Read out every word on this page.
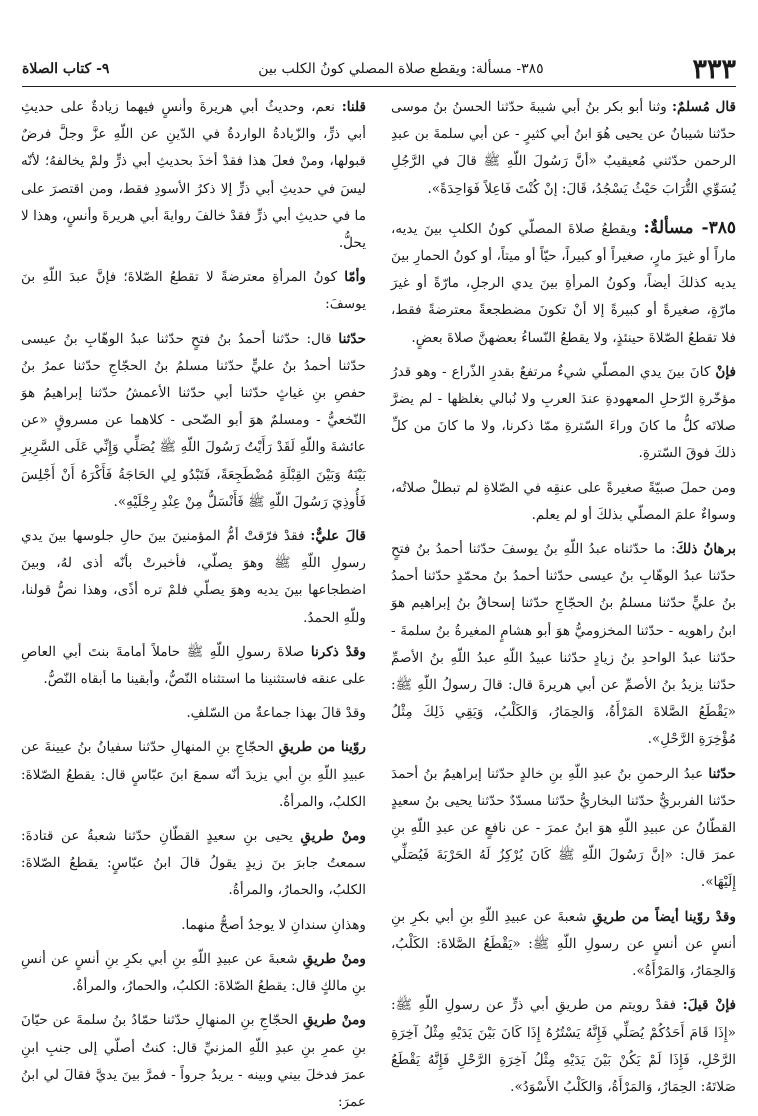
٣٣٣
٣٨٥- مسألة: ويقطع صلاة المصلي كونُ الكلب بين
٩- كتاب الصلاة

قال مُسلمٌ: وثنا أبو بكر بنُ أبي شيبةَ حدّثنا الحسنُ بنُ موسى حدّثنا شيبانُ عن يحيى هُوَ ابنُ أبي كثيرٍ - عن أبي سلمةَ بن عبدِ الرحمن حدّثني مُعيقيبٌ «أنَّ رَسُولَ اللّهِ ﷺ قالَ في الرَّجُلِ يُسَوِّي التُّرَابَ حَيْثُ يَسْجُدُ، قَالَ: إنْ كُنْتَ فَاعِلاً فَوَاحِدَةً».

٣٨٥- مسألةٌ: ويقطعُ صلاةَ المصلّي كونُ الكلبِ بينَ يديه، ماراً أو غيرَ مارٍ، صغيراً أو كبيراً، حيّاً أو ميتاً، أو كونُ الحمارِ بينَ يديه كذلكَ أيضاً، وكونُ المرأةِ بينَ يدي الرجلِ، مارّةً أو غيرَ مارّةٍ، صغيرةً أو كبيرةً إلا أنْ تكونَ مضطجعةً معترضةً فقط، فلا تقطعُ الصّلاةَ حينئذٍ، ولا يقطعُ النّساءُ بعضهنَّ صلاةَ بعضٍ.

فإنْ كانَ بينَ يدي المصلّي شيءٌ مرتفعٌ بقدرِ الذّراع - وهو قدرُ مؤخّرةِ الرّحلِ المعهودةِ عندَ العربِ ولا نُبالي بغلظها - لم يضرَّ صلاتَه كلُّ ما كانَ وراءَ السّترةِ ممّا ذكرنا، ولا ما كانَ من كلِّ ذلكَ فوقَ السّترةِ.

ومن حملَ صبيّةً صغيرةً على عنقِه في الصّلاةِ لم تبطلْ صلاتُه، وسواءٌ علمَ المصلّي بذلكَ أو لم يعلم.

برهانُ ذلكَ: ما حدّثناه عبدُ اللّهِ بنُ يوسفَ حدّثنا أحمدُ بنُ فتحٍ حدّثنا عبدُ الوهّابِ بنُ عيسى حدّثنا أحمدُ بنُ محمّدٍ حدّثنا أحمدُ بنُ عليٍّ حدّثنا مسلمُ بنُ الحجّاجِ حدّثنا إسحاقُ بنُ إبراهيم هوَ ابنُ راهويه - حدّثنا المخزوميُّ هوَ أبو هشامٍ المغيرةُ بنُ سلمةَ - حدّثنا عبدُ الواحدِ بنُ زيادٍ حدّثنا عبيدُ اللّهِ عبدُ اللّهِ بنُ الأصمِّ حدّثنا يزيدُ بنُ الأصمِّ عن أبي هريرةَ قال: قالَ رسولُ اللّهِ ﷺ: «يَقْطَعُ الصَّلاةَ المَرْأَةُ، وَالحِمَارُ، وَالكَلْبُ، وَيَقِي ذَلِكَ مِثْلُ مُؤْخِرَةِ الرَّحْلِ».

حدّثنا عبدُ الرحمنِ بنُ عبدِ اللّهِ بنِ خالدٍ حدّثنا إبراهيمُ بنُ أحمدَ حدّثنا الفربريُّ حدّثنا البخاريُّ حدّثنا مسدّدٌ حدّثنا يحيى بنُ سعيدٍ القطّانُ عن عبيدِ اللّهِ هوَ ابنُ عمرَ - عن نافعٍ عن عبدِ اللّهِ بنِ عمرَ قال: «إنَّ رَسُولَ اللّهِ ﷺ كَانَ يُرْكِزُ لَهُ الحَرْبَةَ فَيُصَلِّي إِلَيْهَا».

وقدْ روّينا أيضاً من طريقِ شعبةَ عن عبيدِ اللّهِ بنِ أبي بكرِ بنِ أنسٍ عن أنسٍ عن رسولِ اللّهِ ﷺ: «يَقْطَعُ الصَّلاةَ: الكَلْبُ، وَالحِمَارُ، وَالمَرْأَةُ».

فإنْ قيلَ: فقدْ رويتم من طريقِ أبي ذرٍّ عن رسولِ اللّهِ ﷺ: «إِذَا قَامَ أَحَدُكُمْ يُصَلِّي فَإِنَّهُ يَسْتُرُهُ إِذَا كَانَ بَيْنَ يَدَيْهِ مِثْلُ آخِرَةِ الرَّحْلِ، فَإِذَا لَمْ يَكُنْ بَيْنَ يَدَيْهِ مِثْلُ آخِرَةِ الرَّحْلِ فَإِنَّهُ يَقْطَعُ صَلاتَهُ: الحِمَارُ، وَالمَرْأَةُ، وَالكَلْبُ الأَسْوَدُ».

قلنا: نعم، وحديثُ أبي هريرةَ وأنسٍ فيهما زيادةٌ على حديثِ أبي ذرٍّ، والزّيادةُ الواردةُ في الدّينِ عن اللّهِ عزَّ وجلَّ فرضٌ قبولها، ومنْ فعلَ هذا فقدْ أخذَ بحديثِ أبي ذرٍّ ولمْ يخالفهُ؛ لأنّه ليسَ في حديثِ أبي ذرٍّ إلا ذكرُ الأسودِ فقط، ومن اقتصرَ على ما في حديثِ أبي ذرٍّ فقدْ خالفَ روايةَ أبي هريرةَ وأنسٍ، وهذا لا يحلُّ.

وأمّا كونُ المرأةِ معترضةً لا تقطعُ الصّلاةَ؛ فإنَّ عبدَ اللّهِ بنَ يوسفَ:

حدّثنا قال: حدّثنا أحمدُ بنُ فتحٍ حدّثنا عبدُ الوهّابِ بنُ عيسى حدّثنا أحمدُ بنُ عليٍّ حدّثنا مسلمُ بنُ الحجّاجِ حدّثنا عمرُ بنُ حفصِ بنِ غياثٍ حدّثنا أبي حدّثنا الأعمشُ حدّثنا إبراهيمُ هوَ النّخعيُّ - ومسلمٌ هوَ أبو الضّحى - كلاهما عن مسروقٍ «عن عائشةَ واللّهِ لَقَدْ رَأَيْتُ رَسُولَ اللّهِ ﷺ يُصَلِّي وَإِنِّي عَلَى السَّرِيرِ بَيْنَهُ وَبَيْنَ القِبْلَةِ مُضْطَجِعَةً، فَتَبْدُو لِي الحَاجَةُ فَأَكْرَهُ أَنْ أَجْلِسَ فَأُوذِيَ رَسُولَ اللّهِ ﷺ فَأَنْسَلُّ مِنْ عِنْدِ رِجْلَيْهِ».

قالَ عليٌّ: فقدْ فرّقتْ أمُّ المؤمنينَ بينَ حالِ جلوسها بينَ يدي رسولِ اللّهِ ﷺ وهوَ يصلّي، فأخبرتْ بأنّه أذى لهُ، وبينَ اضطجاعها بينَ يديه وهوَ يصلّي فلمْ تره أذًى، وهذا نصُّ قولنا، وللّهِ الحمدُ.

وقدْ ذكرنا صلاةَ رسولِ اللّهِ ﷺ حاملاً أمامةَ بنتَ أبي العاصِ على عنقه فاستثنينا ما استثناه النّصُّ، وأبقينا ما أبقاه النّصُّ.

وقدْ قالَ بهذا جماعةٌ من السّلفِ.

روّينا من طريقِ الحجّاجِ بنِ المنهالِ حدّثنا سفيانُ بنُ عيينةَ عن عبيدِ اللّهِ بنِ أبي يزيدَ أنّه سمعَ ابنَ عبّاسٍ قال: يقطعُ الصّلاةَ: الكلبُ، والمرأةُ.

ومنْ طريقِ يحيى بنِ سعيدٍ القطّانِ حدّثنا شعبةُ عن قتادةَ: سمعتُ جابرَ بنَ زيدٍ يقولُ قالَ ابنُ عبّاسٍ: يقطعُ الصّلاةَ: الكلبُ، والحمارُ، والمرأةُ.

وهذانِ سندانِ لا يوجدُ أصحُّ منهما.

ومنْ طريقِ شعبةَ عن عبيدِ اللّهِ بنِ أبي بكرِ بنِ أنسٍ عن أنسِ بنِ مالكٍ قال: يقطعُ الصّلاةَ: الكلبُ، والحمارُ، والمرأةُ.

ومنْ طريقِ الحجّاجِ بنِ المنهالِ حدّثنا حمّادُ بنُ سلمةَ عن حيّانَ بنِ عمرِ بنِ عبدِ اللّهِ المزنيِّ قال: كنتُ أصلّي إلى جنبِ ابنِ عمرَ فدخلَ بيني وبينه - يريدُ جرواً - فمرَّ بينَ يديَّ فقالَ لي ابنُ عمرَ:
